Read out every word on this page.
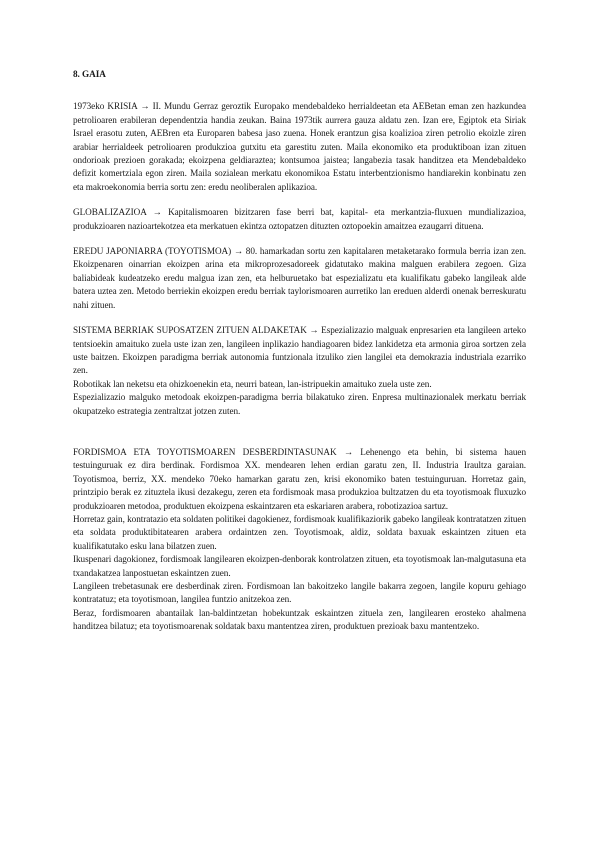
8. GAIA

1973eko KRISIA → II. Mundu Gerraz geroztik Europako mendebaldeko herrialdeetan eta AEBetan eman zen hazkundea petrolioaren erabileran dependentzia handia zeukan. Baina 1973tik aurrera gauza aldatu zen. Izan ere, Egiptok eta Siriak Israel erasotu zuten, AEBren eta Europaren babesa jaso zuena. Honek erantzun gisa koalizioa ziren petrolio ekoizle ziren arabiar herrialdeek petrolioaren produkzioa gutxitu eta garestitu zuten. Maila ekonomiko eta produktiboan izan zituen ondorioak prezioen gorakada; ekoizpena geldiaraztea; kontsumoa jaistea; langabezia tasak handitzea eta Mendebaldeko defizit komertziala egon ziren. Maila sozialean merkatu ekonomikoa Estatu interbentzionismo handiarekin konbinatu zen eta makroekonomia berria sortu zen: eredu neoliberalen aplikazioa.

GLOBALIZAZIOA → Kapitalismoaren bizitzaren fase berri bat, kapital- eta merkantzia-fluxuen mundializazioa, produkzioaren nazioartekotzea eta merkatuen ekintza oztopatzen dituzten oztopoekin amaitzea ezaugarri dituena.

EREDU JAPONIARRA (TOYOTISMOA) → 80. hamarkadan sortu zen kapitalaren metaketarako formula berria izan zen. Ekoizpenaren oinarrian ekoizpen arina eta mikroprozesadoreek gidatutako makina malguen erabilera zegoen. Giza baliabideak kudeatzeko eredu malgua izan zen, eta helburuetako bat espezializatu eta kualifikatu gabeko langileak alde batera uztea zen. Metodo berriekin ekoizpen eredu berriak taylorismoaren aurretiko lan ereduen alderdi onenak berreskuratu nahi zituen.

SISTEMA BERRIAK SUPOSATZEN ZITUEN ALDAKETAK → Espezializazio malguak enpresarien eta langileen arteko tentsioekin amaituko zuela uste izan zen, langileen inplikazio handiagoaren bidez lankidetza eta armonia giroa sortzen zela uste baitzen. Ekoizpen paradigma berriak autonomia funtzionala itzuliko zien langilei eta demokrazia industriala ezarriko zen.

Robotikak lan neketsu eta ohizkoenekin eta, neurri batean, lan-istripuekin amaituko zuela uste zen.

Espezializazio malguko metodoak ekoizpen-paradigma berria bilakatuko ziren. Enpresa multinazionalek merkatu berriak okupatzeko estrategia zentraltzat jotzen zuten.

FORDISMOA ETA TOYOTISMOAREN DESBERDINTASUNAK → Lehenengo eta behin, bi sistema hauen testuinguruak ez dira berdinak. Fordismoa XX. mendearen lehen erdian garatu zen, II. Industria Iraultza garaian. Toyotismoa, berriz, XX. mendeko 70eko hamarkan garatu zen, krisi ekonomiko baten testuinguruan. Horretaz gain, printzipio berak ez zituztela ikusi dezakegu, zeren eta fordismoak masa produkzioa bultzatzen du eta toyotismoak fluxuzko produkzioaren metodoa, produktuen ekoizpena eskaintzaren eta eskariaren arabera, robotizazioa sartuz.

Horretaz gain, kontratazio eta soldaten politikei dagokienez, fordismoak kualifikaziorik gabeko langileak kontratatzen zituen eta soldata produktibitatearen arabera ordaintzen zen. Toyotismoak, aldiz, soldata baxuak eskaintzen zituen eta kualifikatutako esku lana bilatzen zuen.

Ikuspenari dagokionez, fordismoak langilearen ekoizpen-denborak kontrolatzen zituen, eta toyotismoak lan-malgutasuna eta txandakatzea lanpostuetan eskaintzen zuen.

Langileen trebetasunak ere desberdinak ziren. Fordismoan lan bakoitzeko langile bakarra zegoen, langile kopuru gehiago kontratatuz; eta toyotismoan, langilea funtzio anitzekoa zen.

Beraz, fordismoaren abantailak lan-baldintzetan hobekuntzak eskaintzen zituela zen, langilearen erosteko ahalmena handitzea bilatuz; eta toyotismoarenak soldatak baxu mantentzea ziren, produktuen prezioak baxu mantentzeko.
